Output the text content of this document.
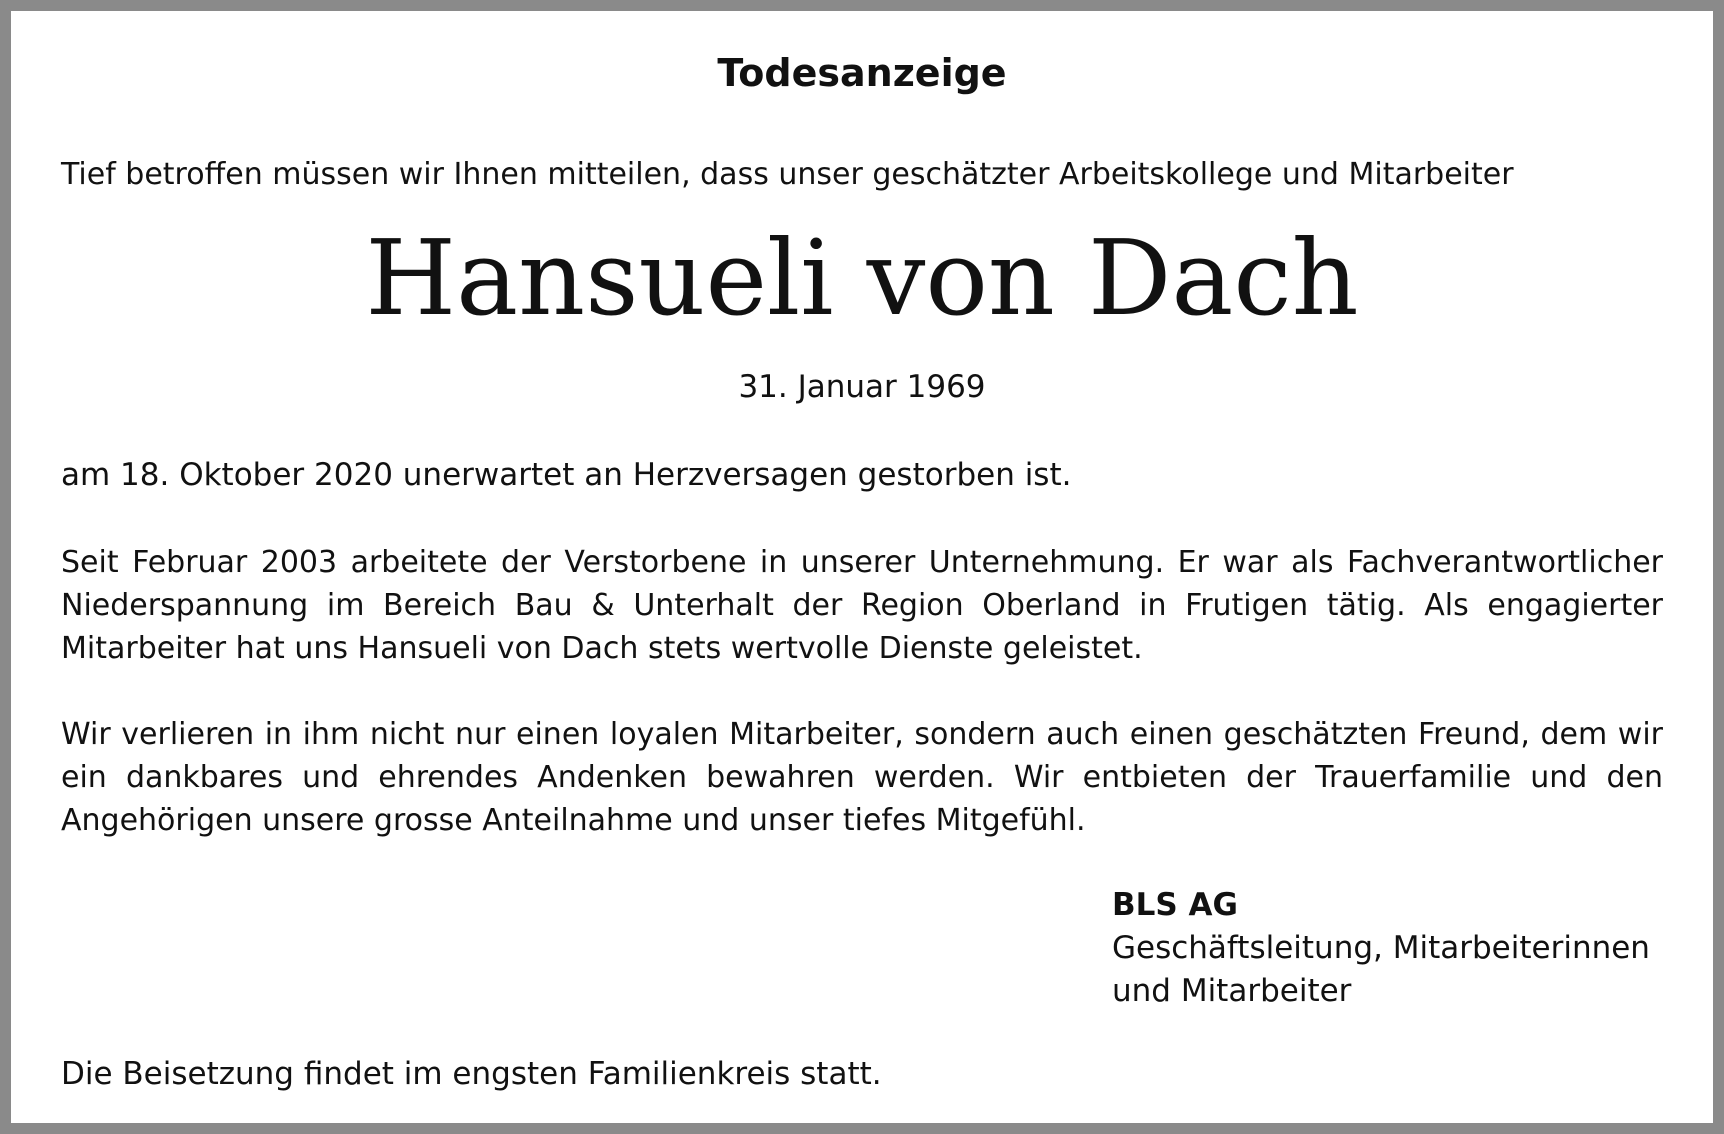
Todesanzeige
Tief betroffen müssen wir Ihnen mitteilen, dass unser geschätzter Arbeitskollege und Mitarbeiter
Hansueli von Dach
31. Januar 1969
am 18. Oktober 2020 unerwartet an Herzversagen gestorben ist.

Seit Februar 2003 arbeitete der Verstorbene in unserer Unternehmung. Er war als Fachverantwortlicher Niederspannung im Bereich Bau & Unterhalt der Region Oberland in Frutigen tätig. Als engagierter Mitarbeiter hat uns Hansueli von Dach stets wertvolle Dienste geleistet.

Wir verlieren in ihm nicht nur einen loyalen Mitarbeiter, sondern auch einen geschätzten Freund, dem wir ein dankbares und ehrendes Andenken bewahren werden. Wir entbieten der Trauerfamilie und den Angehörigen unsere grosse Anteilnahme und unser tiefes Mitgefühl.

BLS AG
Geschäftsleitung, Mitarbeiterinnen
und Mitarbeiter
Die Beisetzung findet im engsten Familienkreis statt.
